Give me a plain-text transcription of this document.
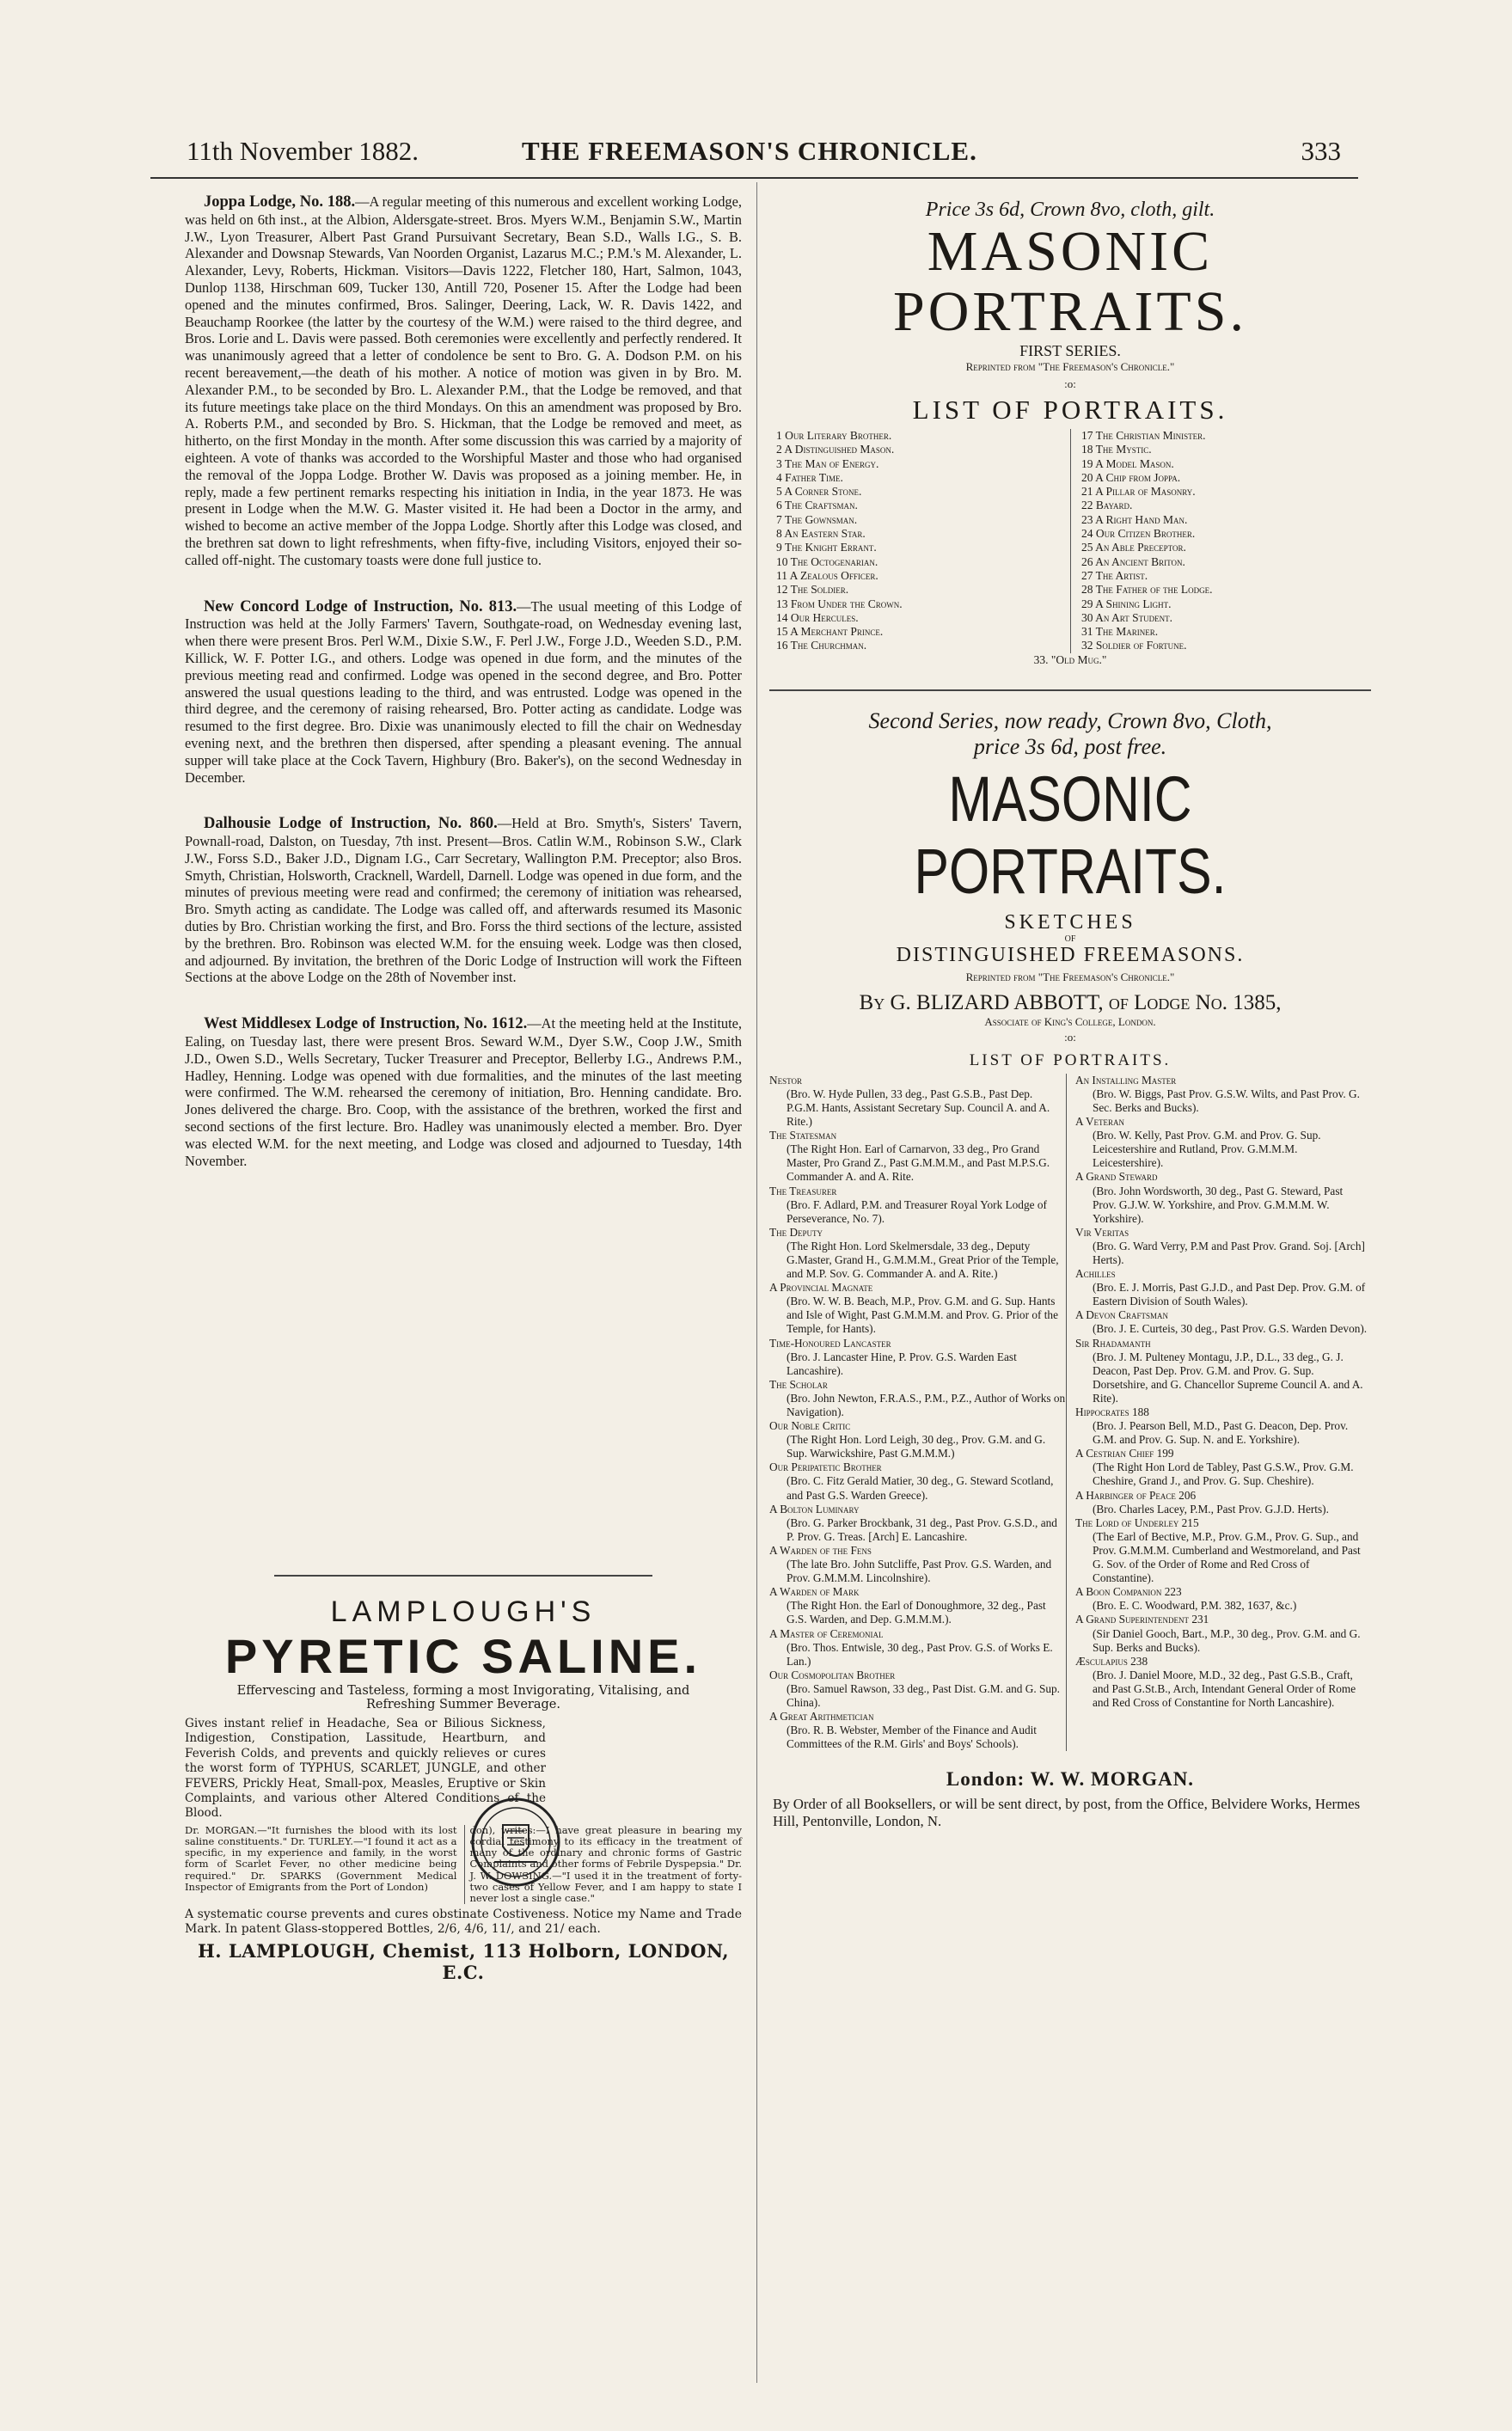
11th November 1882.	THE FREEMASON'S CHRONICLE.	333

Joppa Lodge, No. 188.—A regular meeting of this numerous and excellent working Lodge, was held on 6th inst., at the Albion, Aldersgate-street. Bros. Myers W.M., Benjamin S.W., Martin J.W., Lyon Treasurer, Albert Past Grand Pursuivant Secretary, Bean S.D., Walls I.G., S. B. Alexander and Dowsnap Stewards, Van Noorden Organist, Lazarus M.C.; P.M.'s M. Alexander, L. Alexander, Levy, Roberts, Hickman. Visitors—Davis 1222, Fletcher 180, Hart, Salmon, 1043, Dunlop 1138, Hirschman 609, Tucker 130, Antill 720, Posener 15. After the Lodge had been opened and the minutes confirmed, Bros. Salinger, Deering, Lack, W. R. Davis 1422, and Beauchamp Roorkee (the latter by the courtesy of the W.M.) were raised to the third degree, and Bros. Lorie and L. Davis were passed. Both ceremonies were excellently and perfectly rendered. It was unanimously agreed that a letter of condolence be sent to Bro. G. A. Dodson P.M. on his recent bereavement,—the death of his mother. A notice of motion was given in by Bro. M. Alexander P.M., to be seconded by Bro. L. Alexander P.M., that the Lodge be removed, and that its future meetings take place on the third Mondays. On this an amendment was proposed by Bro. A. Roberts P.M., and seconded by Bro. S. Hickman, that the Lodge be removed and meet, as hitherto, on the first Monday in the month. After some discussion this was carried by a majority of eighteen. A vote of thanks was accorded to the Worshipful Master and those who had organised the removal of the Joppa Lodge. Brother W. Davis was proposed as a joining member. He, in reply, made a few pertinent remarks respecting his initiation in India, in the year 1873. He was present in Lodge when the M.W. G. Master visited it. He had been a Doctor in the army, and wished to become an active member of the Joppa Lodge. Shortly after this Lodge was closed, and the brethren sat down to light refreshments, when fifty-five, including Visitors, enjoyed their so-called off-night. The customary toasts were done full justice to.

New Concord Lodge of Instruction, No. 813.—The usual meeting of this Lodge of Instruction was held at the Jolly Farmers' Tavern, Southgate-road, on Wednesday evening last, when there were present Bros. Perl W.M., Dixie S.W., F. Perl J.W., Forge J.D., Weeden S.D., P.M. Killick, W. F. Potter I.G., and others. Lodge was opened in due form, and the minutes of the previous meeting read and confirmed. Lodge was opened in the second degree, and Bro. Potter answered the usual questions leading to the third, and was entrusted. Lodge was opened in the third degree, and the ceremony of raising rehearsed, Bro. Potter acting as candidate. Lodge was resumed to the first degree. Bro. Dixie was unanimously elected to fill the chair on Wednesday evening next, and the brethren then dispersed, after spending a pleasant evening. The annual supper will take place at the Cock Tavern, Highbury (Bro. Baker's), on the second Wednesday in December.

Dalhousie Lodge of Instruction, No. 860.—Held at Bro. Smyth's, Sisters' Tavern, Pownall-road, Dalston, on Tuesday, 7th inst. Present—Bros. Catlin W.M., Robinson S.W., Clark J.W., Forss S.D., Baker J.D., Dignam I.G., Carr Secretary, Wallington P.M. Preceptor; also Bros. Smyth, Christian, Holsworth, Cracknell, Wardell, Darnell. Lodge was opened in due form, and the minutes of previous meeting were read and confirmed; the ceremony of initiation was rehearsed, Bro. Smyth acting as candidate. The Lodge was called off, and afterwards resumed its Masonic duties by Bro. Christian working the first, and Bro. Forss the third sections of the lecture, assisted by the brethren. Bro. Robinson was elected W.M. for the ensuing week. Lodge was then closed, and adjourned. By invitation, the brethren of the Doric Lodge of Instruction will work the Fifteen Sections at the above Lodge on the 28th of November inst.

West Middlesex Lodge of Instruction, No. 1612.—At the meeting held at the Institute, Ealing, on Tuesday last, there were present Bros. Seward W.M., Dyer S.W., Coop J.W., Smith J.D., Owen S.D., Wells Secretary, Tucker Treasurer and Preceptor, Bellerby I.G., Andrews P.M., Hadley, Henning. Lodge was opened with due formalities, and the minutes of the last meeting were confirmed. The W.M. rehearsed the ceremony of initiation, Bro. Henning candidate. Bro. Jones delivered the charge. Bro. Coop, with the assistance of the brethren, worked the first and second sections of the first lecture. Bro. Hadley was unanimously elected a member. Bro. Dyer was elected W.M. for the next meeting, and Lodge was closed and adjourned to Tuesday, 14th November.

LAMPLOUGH'S
PYRETIC SALINE.
Effervescing and Tasteless, forming a most Invigorating, Vitalising, and
Refreshing Summer Beverage.
Gives instant relief in Headache, Sea or Bilious Sickness, Indigestion, Constipation, Lassitude, Heartburn, and Feverish Colds, and prevents and quickly relieves or cures the worst form of TYPHUS, SCARLET, JUNGLE, and other FEVERS, Prickly Heat, Small-pox, Measles, Eruptive or Skin Complaints, and various other Altered Conditions of the Blood.
Dr. MORGAN.—"It furnishes the blood with its lost saline constituents." Dr. TURLEY.—"I found it act as a specific, in my experience and family, in the worst form of Scarlet Fever, no other medicine being required." Dr. SPARKS (Government Medical Inspector of Emigrants from the Port of London)
don), writes:—I have great pleasure in bearing my cordial testimony to its efficacy in the treatment of many of the ordinary and chronic forms of Gastric Complaints and other forms of Febrile Dyspepsia." Dr. J. W. DOWSING.—"I used it in the treatment of forty-two cases of Yellow Fever, and I am happy to state I never lost a single case."
A systematic course prevents and cures obstinate Costiveness. Notice my Name and Trade Mark. In patent Glass-stoppered Bottles, 2/6, 4/6, 11/, and 21/ each.
H. LAMPLOUGH, Chemist, 113 Holborn, LONDON, E.C.
Price 3s 6d, Crown 8vo, cloth, gilt.
MASONIC PORTRAITS.
FIRST SERIES.
Reprinted from "The Freemason's Chronicle."
:o:
LIST OF PORTRAITS.
1 Our Literary Brother.
2 A Distinguished Mason.
3 The Man of Energy.
4 Father Time.
5 A Corner Stone.
6 The Craftsman.
7 The Gownsman.
8 An Eastern Star.
9 The Knight Errant.
10 The Octogenarian.
11 A Zealous Officer.
12 The Soldier.
13 From Under the Crown.
14 Our Hercules.
15 A Merchant Prince.
16 The Churchman.
17 The Christian Minister.
18 The Mystic.
19 A Model Mason.
20 A Chip from Joppa.
21 A Pillar of Masonry.
22 Bayard.
23 A Right Hand Man.
24 Our Citizen Brother.
25 An Able Preceptor.
26 An Ancient Briton.
27 The Artist.
28 The Father of the Lodge.
29 A Shining Light.
30 An Art Student.
31 The Mariner.
32 Soldier of Fortune.
33. "Old Mug."
Second Series, now ready, Crown 8vo, Cloth,
price 3s 6d, post free.
MASONIC PORTRAITS.
SKETCHES
OF
DISTINGUISHED FREEMASONS.
Reprinted from "The Freemason's Chronicle."
By G. BLIZARD ABBOTT, of Lodge No. 1385,
Associate of King's College, London.
:o:
LIST OF PORTRAITS.
Nestor
(Bro. W. Hyde Pullen, 33 deg., Past G.S.B., Past Dep. P.G.M. Hants, Assistant Secretary Sup. Council A. and A. Rite.)
The Statesman
(The Right Hon. Earl of Carnarvon, 33 deg., Pro Grand Master, Pro Grand Z., Past G.M.M.M., and Past M.P.S.G. Commander A. and A. Rite.
The Treasurer
(Bro. F. Adlard, P.M. and Treasurer Royal York Lodge of Perseverance, No. 7).
The Deputy
(The Right Hon. Lord Skelmersdale, 33 deg., Deputy G.Master, Grand H., G.M.M.M., Great Prior of the Temple, and M.P. Sov. G. Commander A. and A. Rite.)
A Provincial Magnate
(Bro. W. W. B. Beach, M.P., Prov. G.M. and G. Sup. Hants and Isle of Wight, Past G.M.M.M. and Prov. G. Prior of the Temple, for Hants).
Time-Honoured Lancaster
(Bro. J. Lancaster Hine, P. Prov. G.S. Warden East Lancashire).
The Scholar
(Bro. John Newton, F.R.A.S., P.M., P.Z., Author of Works on Navigation).
Our Noble Critic
(The Right Hon. Lord Leigh, 30 deg., Prov. G.M. and G. Sup. Warwickshire, Past G.M.M.M.)
Our Peripatetic Brother
(Bro. C. Fitz Gerald Matier, 30 deg., G. Steward Scotland, and Past G.S. Warden Greece).
A Bolton Luminary
(Bro. G. Parker Brockbank, 31 deg., Past Prov. G.S.D., and P. Prov. G. Treas. [Arch] E. Lancashire.
A Warden of the Fens
(The late Bro. John Sutcliffe, Past Prov. G.S. Warden, and Prov. G.M.M.M. Lincolnshire).
A Warden of Mark
(The Right Hon. the Earl of Donoughmore, 32 deg., Past G.S. Warden, and Dep. G.M.M.M.).
A Master of Ceremonial
(Bro. Thos. Entwisle, 30 deg., Past Prov. G.S. of Works E. Lan.)
Our Cosmopolitan Brother
(Bro. Samuel Rawson, 33 deg., Past Dist. G.M. and G. Sup. China).
A Great Arithmetician
(Bro. R. B. Webster, Member of the Finance and Audit Committees of the R.M. Girls' and Boys' Schools).
An Installing Master
(Bro. W. Biggs, Past Prov. G.S.W. Wilts, and Past Prov. G. Sec. Berks and Bucks).
A Veteran
(Bro. W. Kelly, Past Prov. G.M. and Prov. G. Sup. Leicestershire and Rutland, Prov. G.M.M.M. Leicestershire).
A Grand Steward
(Bro. John Wordsworth, 30 deg., Past G. Steward, Past Prov. G.J.W. W. Yorkshire, and Prov. G.M.M.M. W. Yorkshire).
Vir Veritas
(Bro. G. Ward Verry, P.M and Past Prov. Grand. Soj. [Arch] Herts).
Achilles
(Bro. E. J. Morris, Past G.J.D., and Past Dep. Prov. G.M. of Eastern Division of South Wales).
A Devon Craftsman
(Bro. J. E. Curteis, 30 deg., Past Prov. G.S. Warden Devon).
Sir Rhadamanth
(Bro. J. M. Pulteney Montagu, J.P., D.L., 33 deg., G. J. Deacon, Past Dep. Prov. G.M. and Prov. G. Sup. Dorsetshire, and G. Chancellor Supreme Council A. and A. Rite).
Hippocrates 188
(Bro. J. Pearson Bell, M.D., Past G. Deacon, Dep. Prov. G.M. and Prov. G. Sup. N. and E. Yorkshire).
A Cestrian Chief 199
(The Right Hon Lord de Tabley, Past G.S.W., Prov. G.M. Cheshire, Grand J., and Prov. G. Sup. Cheshire).
A Harbinger of Peace 206
(Bro. Charles Lacey, P.M., Past Prov. G.J.D. Herts).
The Lord of Underley 215
(The Earl of Bective, M.P., Prov. G.M., Prov. G. Sup., and Prov. G.M.M.M. Cumberland and Westmoreland, and Past G. Sov. of the Order of Rome and Red Cross of Constantine).
A Boon Companion 223
(Bro. E. C. Woodward, P.M. 382, 1637, &c.)
A Grand Superintendent 231
(Sir Daniel Gooch, Bart., M.P., 30 deg., Prov. G.M. and G. Sup. Berks and Bucks).
Æsculapius 238
(Bro. J. Daniel Moore, M.D., 32 deg., Past G.S.B., Craft, and Past G.St.B., Arch, Intendant General Order of Rome and Red Cross of Constantine for North Lancashire).
London: W. W. MORGAN.
By Order of all Booksellers, or will be sent direct, by post, from the Office, Belvidere Works, Hermes Hill, Pentonville, London, N.
